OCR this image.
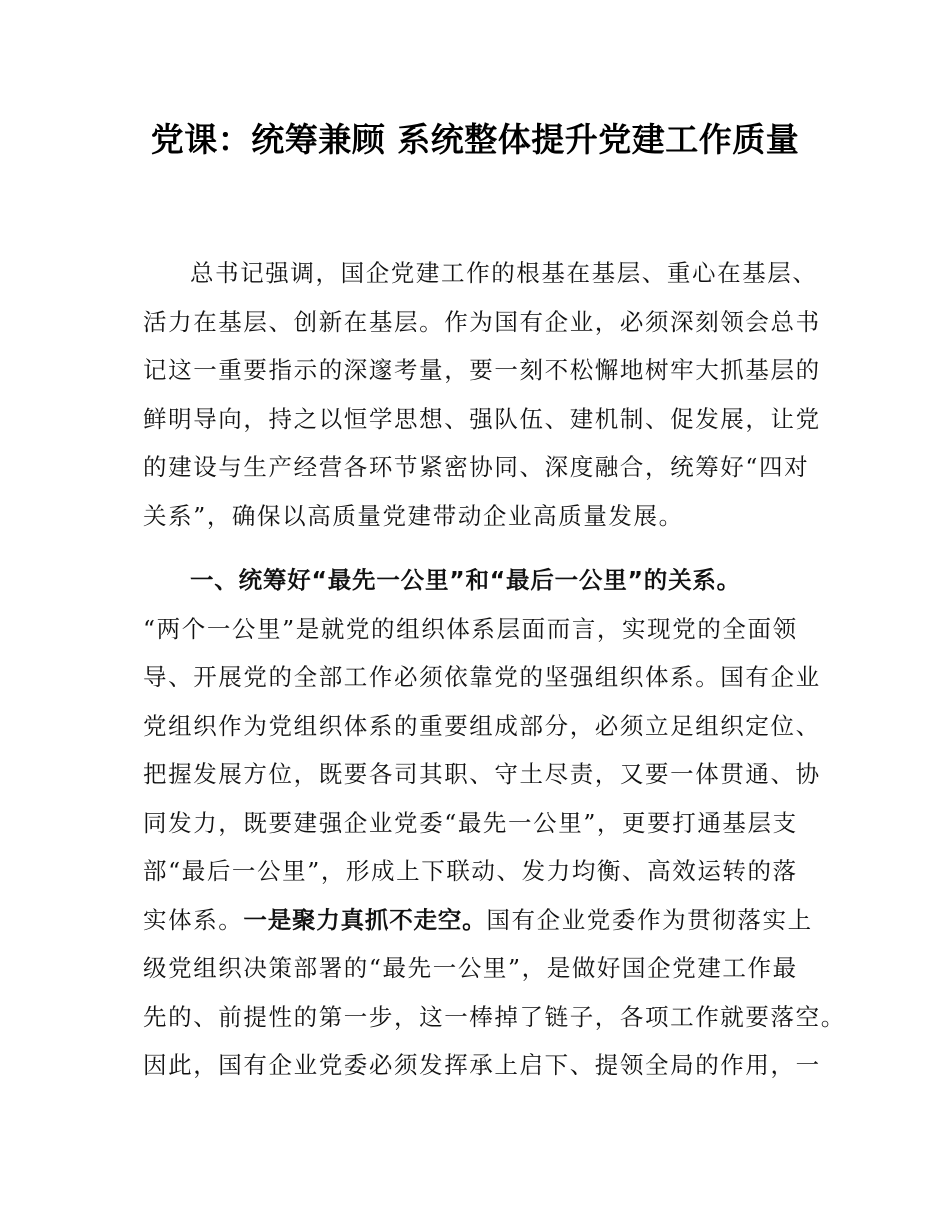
党课：统筹兼顾 系统整体提升党建工作质量
总书记强调，国企党建工作的根基在基层、重心在基层、
活力在基层、创新在基层。作为国有企业，必须深刻领会总书
记这一重要指示的深邃考量，要一刻不松懈地树牢大抓基层的
鲜明导向，持之以恒学思想、强队伍、建机制、促发展，让党
的建设与生产经营各环节紧密协同、深度融合，统筹好“四对
关系”，确保以高质量党建带动企业高质量发展。
一、统筹好“最先一公里”和“最后一公里”的关系。
“两个一公里”是就党的组织体系层面而言，实现党的全面领
导、开展党的全部工作必须依靠党的坚强组织体系。国有企业
党组织作为党组织体系的重要组成部分，必须立足组织定位、
把握发展方位，既要各司其职、守土尽责，又要一体贯通、协
同发力，既要建强企业党委“最先一公里”，更要打通基层支
部“最后一公里”，形成上下联动、发力均衡、高效运转的落
实体系。一是聚力真抓不走空。国有企业党委作为贯彻落实上
级党组织决策部署的“最先一公里”，是做好国企党建工作最
先的、前提性的第一步，这一棒掉了链子，各项工作就要落空。
因此，国有企业党委必须发挥承上启下、提领全局的作用，一
